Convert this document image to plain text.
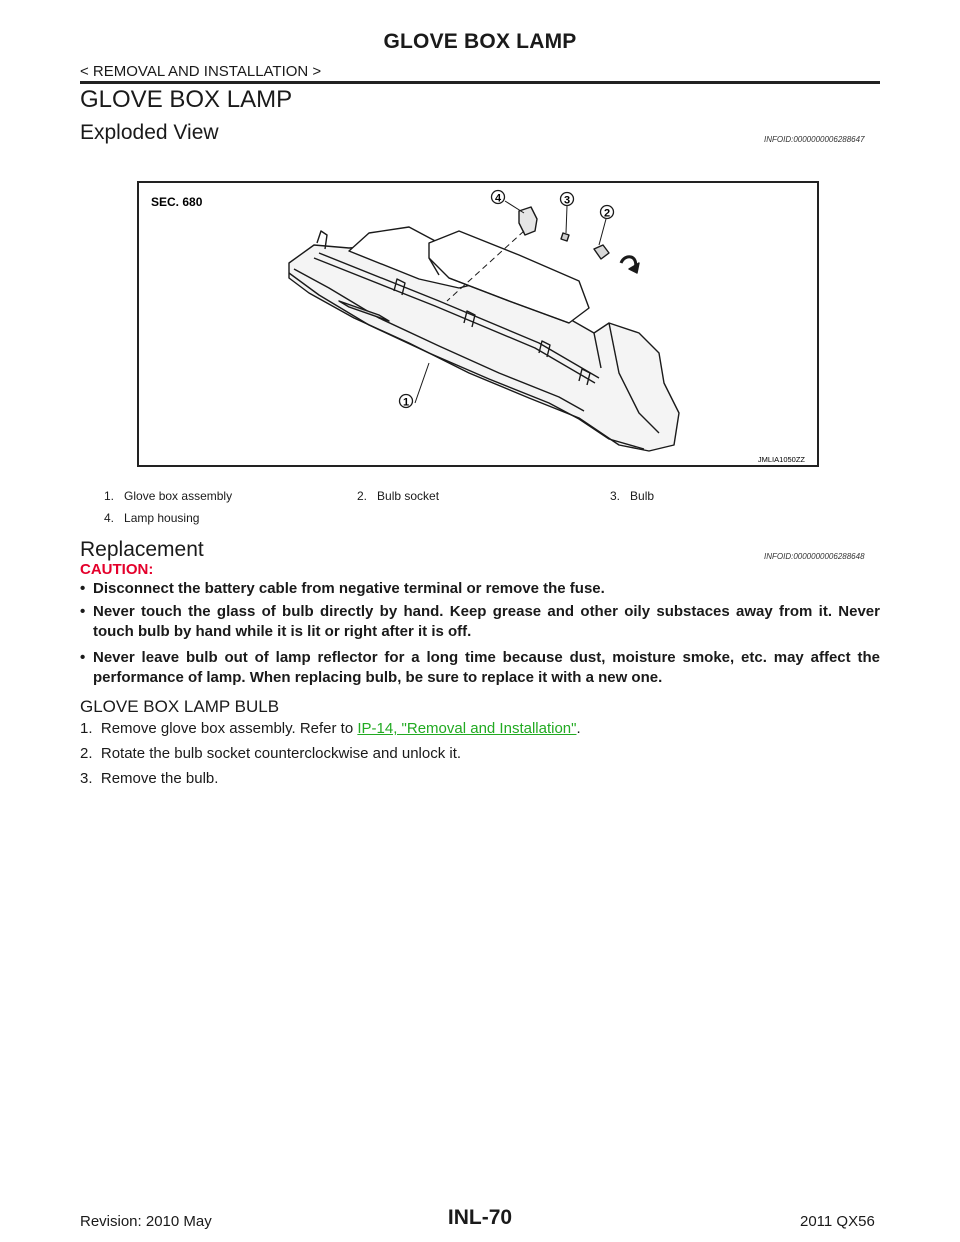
GLOVE BOX LAMP
< REMOVAL AND INSTALLATION >
GLOVE BOX LAMP
Exploded View	INFOID:0000000006288647
4	3
2
1
SEC. 680
JMLIA1050ZZ
1. Glove box assembly	2. Bulb socket	3. Bulb
4. Lamp housing
Replacement	INFOID:0000000006288648
CAUTION:
• Disconnect the battery cable from negative terminal or remove the fuse.
• Never touch the glass of bulb directly by hand. Keep grease and other oily substaces away from it. Never touch bulb by hand while it is lit or right after it is off.
• Never leave bulb out of lamp reflector for a long time because dust, moisture smoke, etc. may affect the performance of lamp. When replacing bulb, be sure to replace it with a new one.
GLOVE BOX LAMP BULB
1. Remove glove box assembly. Refer to IP-14, "Removal and Installation".
2. Rotate the bulb socket counterclockwise and unlock it.
3. Remove the bulb.
Revision: 2010 May	INL-70	2011 QX56
